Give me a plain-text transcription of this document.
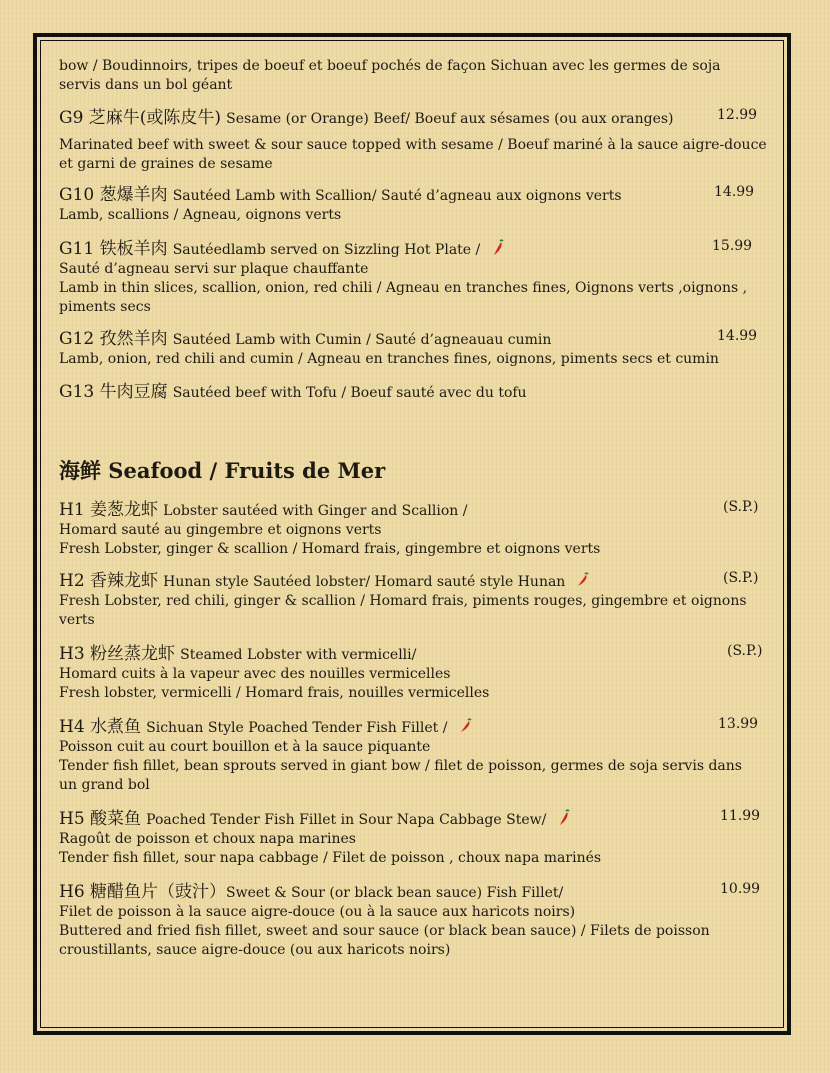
bow / Boudinnoirs, tripes de boeuf et boeuf pochés de façon Sichuan avec les germes de soja
servis dans un bol géant
G9 芝麻牛(或陈皮牛) Sesame (or Orange) Beef/ Boeuf aux sésames (ou aux oranges)	12.99
Marinated beef with sweet & sour sauce topped with sesame / Boeuf mariné à la sauce aigre-douce
et garni de graines de sesame
G10 葱爆羊肉 Sautéed Lamb with Scallion/ Sauté d’agneau aux oignons verts	14.99
Lamb, scallions / Agneau, oignons verts
G11 铁板羊肉 Sautéedlamb served on Sizzling Hot Plate /	15.99
Sauté d’agneau servi sur plaque chauffante
Lamb in thin slices, scallion, onion, red chili / Agneau en tranches fines, Oignons verts ,oignons ,
piments secs
G12 孜然羊肉 Sautéed Lamb with Cumin / Sauté d’agneauau cumin	14.99
Lamb, onion, red chili and cumin / Agneau en tranches fines, oignons, piments secs et cumin
G13 牛肉豆腐 Sautéed beef with Tofu / Boeuf sauté avec du tofu
海鲜 Seafood / Fruits de Mer
H1 姜葱龙虾 Lobster sautéed with Ginger and Scallion /	(S.P.)
Homard sauté au gingembre et oignons verts
Fresh Lobster, ginger & scallion / Homard frais, gingembre et oignons verts
H2 香辣龙虾 Hunan style Sautéed lobster/ Homard sauté style Hunan	(S.P.)
Fresh Lobster, red chili, ginger & scallion / Homard frais, piments rouges, gingembre et oignons
verts
H3 粉丝蒸龙虾 Steamed Lobster with vermicelli/	(S.P.)
Homard cuits à la vapeur avec des nouilles vermicelles
Fresh lobster, vermicelli / Homard frais, nouilles vermicelles
H4 水煮鱼 Sichuan Style Poached Tender Fish Fillet /	13.99
Poisson cuit au court bouillon et à la sauce piquante
Tender fish fillet, bean sprouts served in giant bow / filet de poisson, germes de soja servis dans
un grand bol
H5 酸菜鱼 Poached Tender Fish Fillet in Sour Napa Cabbage Stew/	11.99
Ragoût de poisson et choux napa marines
Tender fish fillet, sour napa cabbage / Filet de poisson , choux napa marinés
H6 糖醋鱼片（豉汁）Sweet & Sour (or black bean sauce) Fish Fillet/	10.99
Filet de poisson à la sauce aigre-douce (ou à la sauce aux haricots noirs)
Buttered and fried fish fillet, sweet and sour sauce (or black bean sauce) / Filets de poisson
croustillants, sauce aigre-douce (ou aux haricots noirs)
